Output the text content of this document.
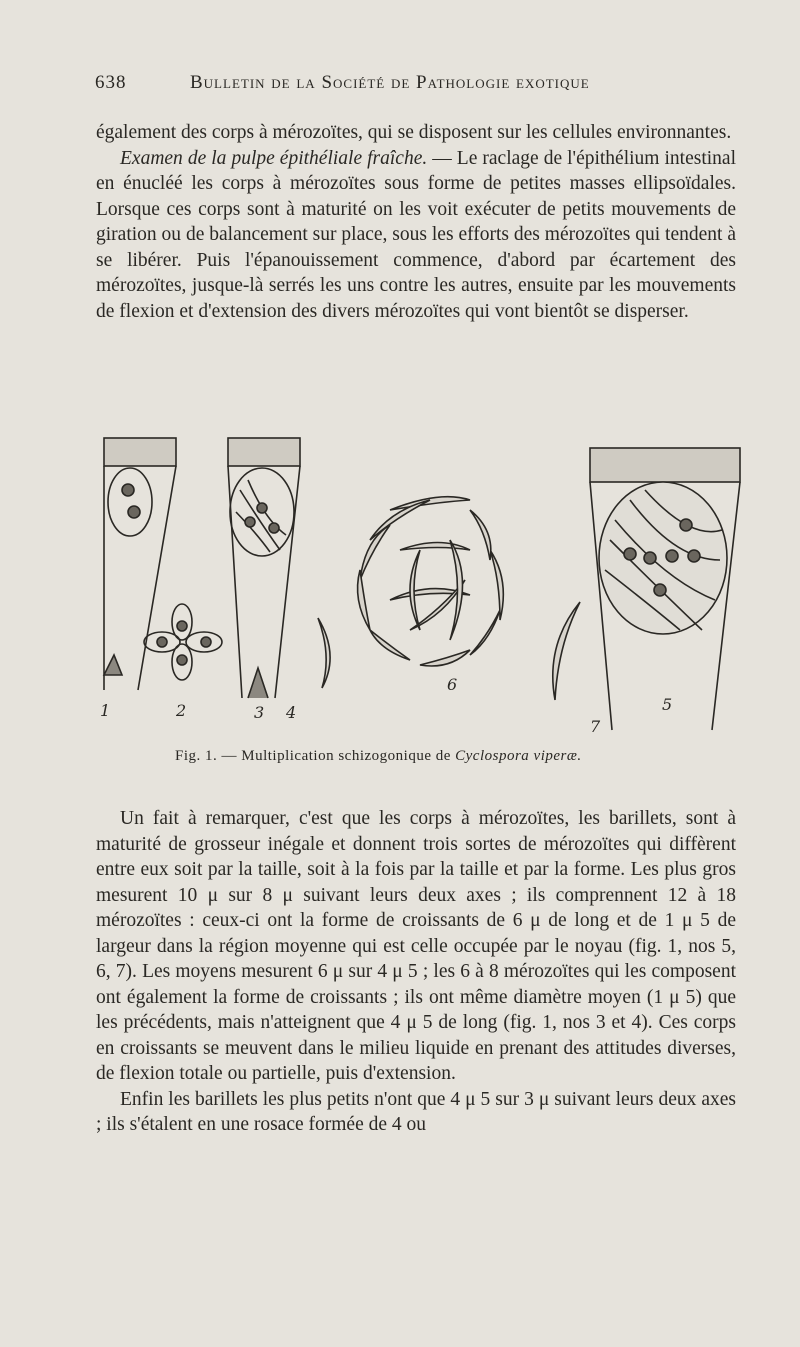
638	Bulletin de la Société de Pathologie exotique

également des corps à mérozoïtes, qui se disposent sur les cellules environnantes.

Examen de la pulpe épithéliale fraîche. — Le raclage de l'épithélium intestinal en énucléé les corps à mérozoïtes sous forme de petites masses ellipsoïdales. Lorsque ces corps sont à maturité on les voit exécuter de petits mouvements de giration ou de balancement sur place, sous les efforts des mérozoïtes qui tendent à se libérer. Puis l'épanouissement commence, d'abord par écartement des mérozoïtes, jusque-là serrés les uns contre les autres, ensuite par les mouvements de flexion et d'extension des divers mérozoïtes qui vont bientôt se disperser.

1	2	3 4
6
7
5
Fig. 1. — Multiplication schizogonique de Cyclospora viperæ.

Un fait à remarquer, c'est que les corps à mérozoïtes, les barillets, sont à maturité de grosseur inégale et donnent trois sortes de mérozoïtes qui diffèrent entre eux soit par la taille, soit à la fois par la taille et par la forme. Les plus gros mesurent 10 μ sur 8 μ suivant leurs deux axes ; ils comprennent 12 à 18 mérozoïtes : ceux-ci ont la forme de croissants de 6 μ de long et de 1 μ 5 de largeur dans la région moyenne qui est celle occupée par le noyau (fig. 1, nos 5, 6, 7). Les moyens mesurent 6 μ sur 4 μ 5 ; les 6 à 8 mérozoïtes qui les composent ont également la forme de croissants ; ils ont même diamètre moyen (1 μ 5) que les précédents, mais n'atteignent que 4 μ 5 de long (fig. 1, nos 3 et 4). Ces corps en croissants se meuvent dans le milieu liquide en prenant des attitudes diverses, de flexion totale ou partielle, puis d'extension.

Enfin les barillets les plus petits n'ont que 4 μ 5 sur 3 μ suivant leurs deux axes ; ils s'étalent en une rosace formée de 4 ou
